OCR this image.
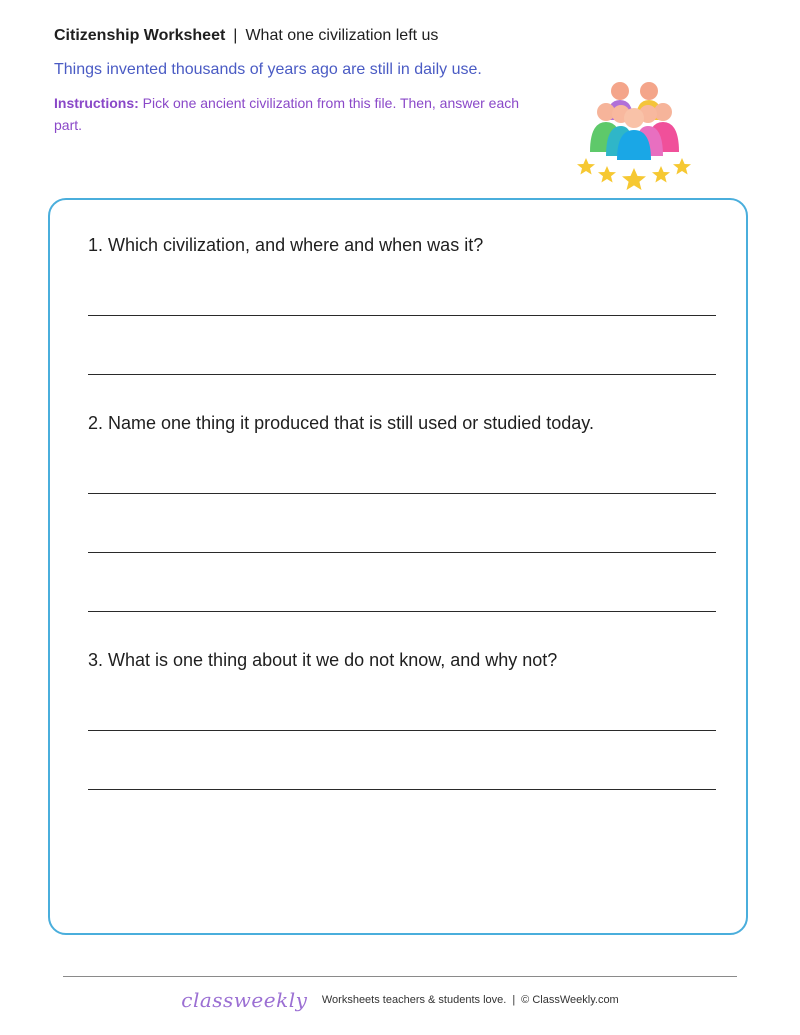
Citizenship Worksheet | What one civilization left us
Things invented thousands of years ago are still in daily use.
Instructions: Pick one ancient civilization from this file. Then, answer each part.
1. Which civilization, and where and when was it?
2. Name one thing it produced that is still used or studied today.
3. What is one thing about it we do not know, and why not?
classweekly Worksheets teachers & students love. | © ClassWeekly.com
